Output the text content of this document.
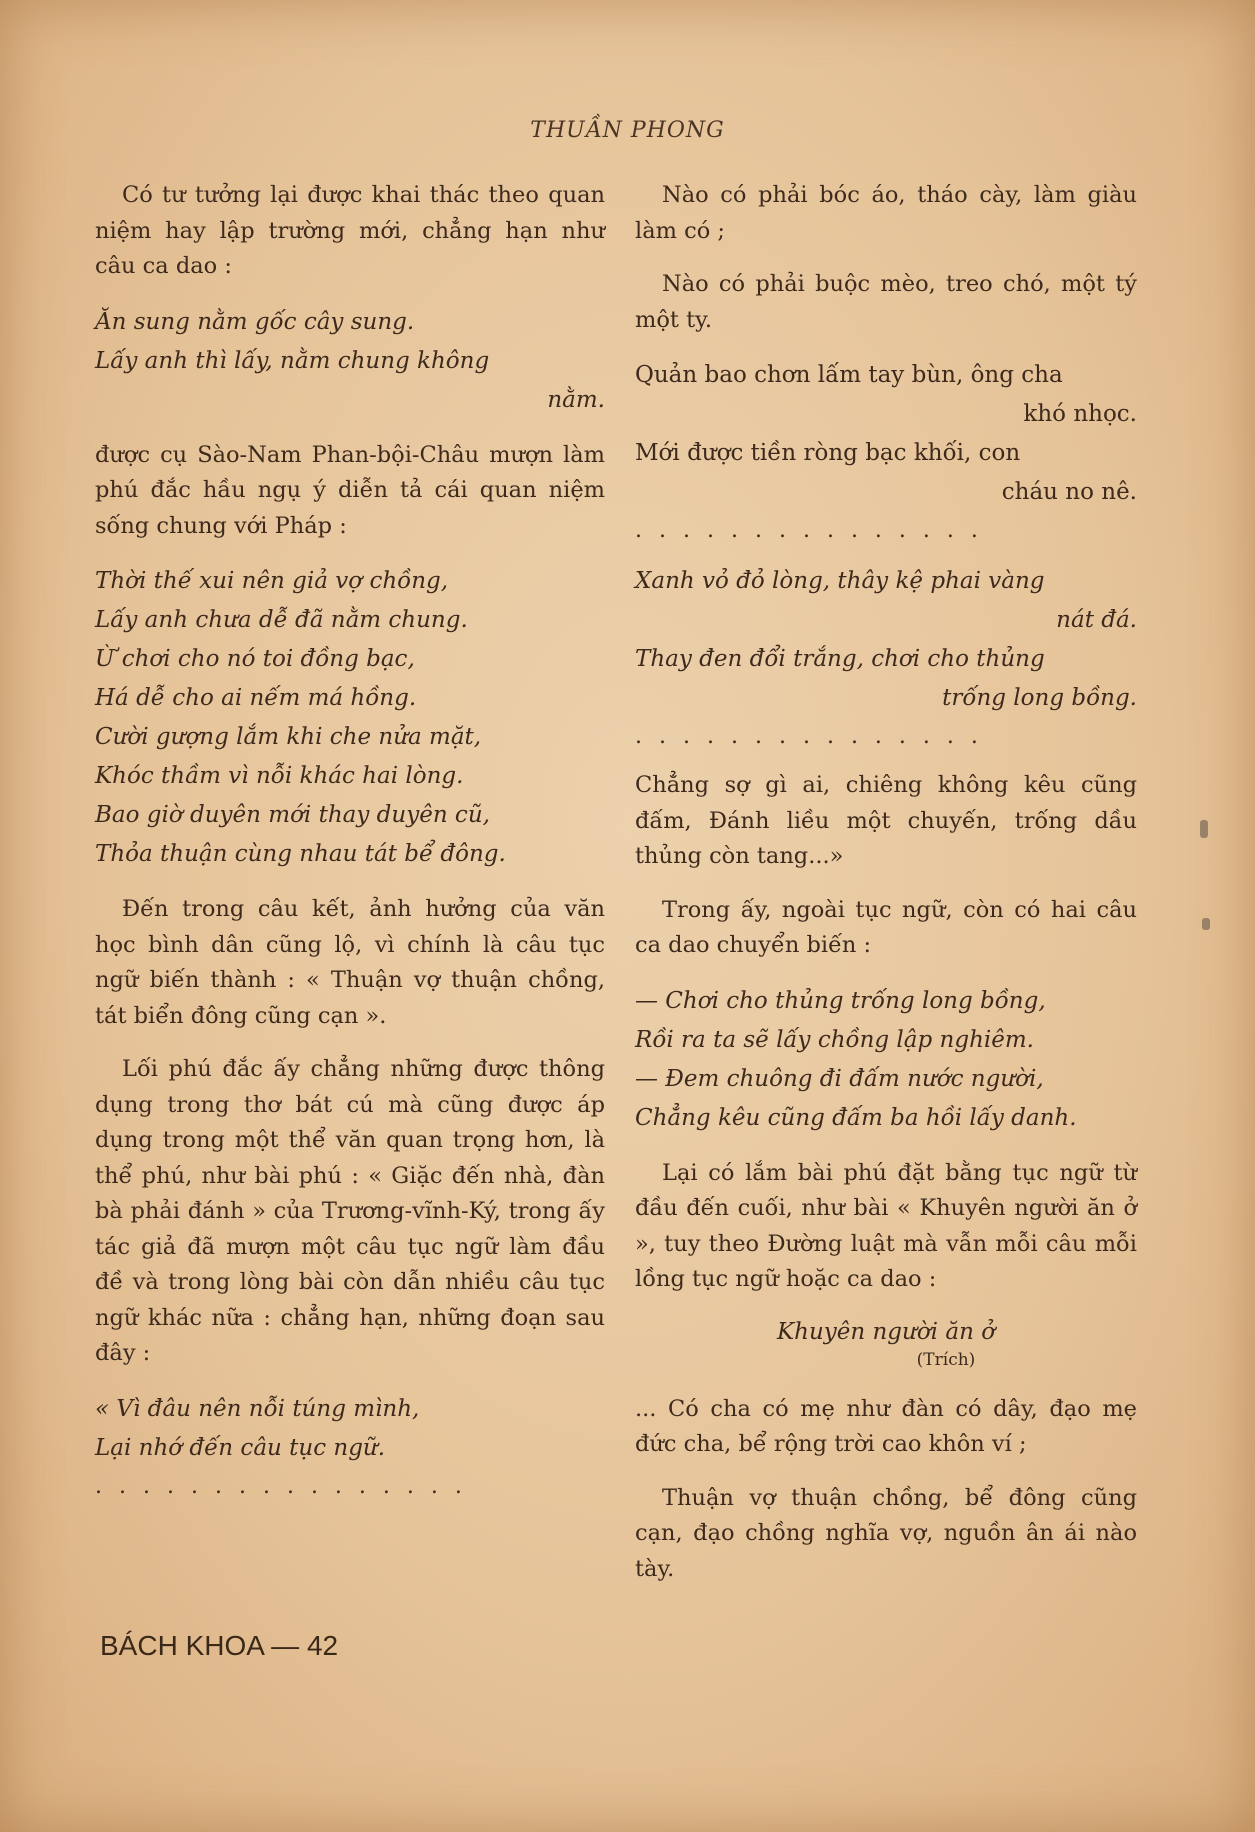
THUẦN PHONG

Có tư tưởng lại được khai thác theo quan niệm hay lập trường mới, chẳng hạn như câu ca dao :

Ăn sung nằm gốc cây sung.

Lấy anh thì lấy, nằm chung không

nằm.

được cụ Sào-Nam Phan-bội-Châu mượn làm phú đắc hầu ngụ ý diễn tả cái quan niệm sống chung với Pháp :

Thời thế xui nên giả vợ chồng,

Lấy anh chưa dễ đã nằm chung.

Ừ chơi cho nó toi đồng bạc,

Há dễ cho ai nếm má hồng.

Cười gượng lắm khi che nửa mặt,

Khóc thầm vì nỗi khác hai lòng.

Bao giờ duyên mới thay duyên cũ,

Thỏa thuận cùng nhau tát bể đông.

Đến trong câu kết, ảnh hưởng của văn học bình dân cũng lộ, vì chính là câu tục ngữ biến thành : « Thuận vợ thuận chồng, tát biển đông cũng cạn ».

Lối phú đắc ấy chẳng những được thông dụng trong thơ bát cú mà cũng được áp dụng trong một thể văn quan trọng hơn, là thể phú, như bài phú : « Giặc đến nhà, đàn bà phải đánh » của Trương-vĩnh-Ký, trong ấy tác giả đã mượn một câu tục ngữ làm đầu đề và trong lòng bài còn dẫn nhiều câu tục ngữ khác nữa : chẳng hạn, những đoạn sau đây :

« Vì đâu nên nỗi túng mình,

Lại nhớ đến câu tục ngữ.

................

Nào có phải bóc áo, tháo cày, làm giàu làm có ;

Nào có phải buộc mèo, treo chó, một tý một ty.

Quản bao chơn lấm tay bùn, ông cha

khó nhọc.

Mới được tiền ròng bạc khối, con

cháu no nê.

...............

Xanh vỏ đỏ lòng, thây kệ phai vàng

nát đá.

Thay đen đổi trắng, chơi cho thủng

trống long bồng.

...............

Chẳng sợ gì ai, chiêng không kêu cũng đấm, Đánh liều một chuyến, trống dầu thủng còn tang...»

Trong ấy, ngoài tục ngữ, còn có hai câu ca dao chuyển biến :

— Chơi cho thủng trống long bồng,

Rồi ra ta sẽ lấy chồng lập nghiêm.

— Đem chuông đi đấm nước người,

Chẳng kêu cũng đấm ba hồi lấy danh.

Lại có lắm bài phú đặt bằng tục ngữ từ đầu đến cuối, như bài « Khuyên người ăn ở », tuy theo Đường luật mà vẫn mỗi câu mỗi lồng tục ngữ hoặc ca dao :

Khuyên người ăn ở

(Trích)

... Có cha có mẹ như đàn có dây, đạo mẹ đức cha, bể rộng trời cao khôn ví ;

Thuận vợ thuận chồng, bể đông cũng cạn, đạo chồng nghĩa vợ, nguồn ân ái nào tày.

BÁCH KHOA — 42
